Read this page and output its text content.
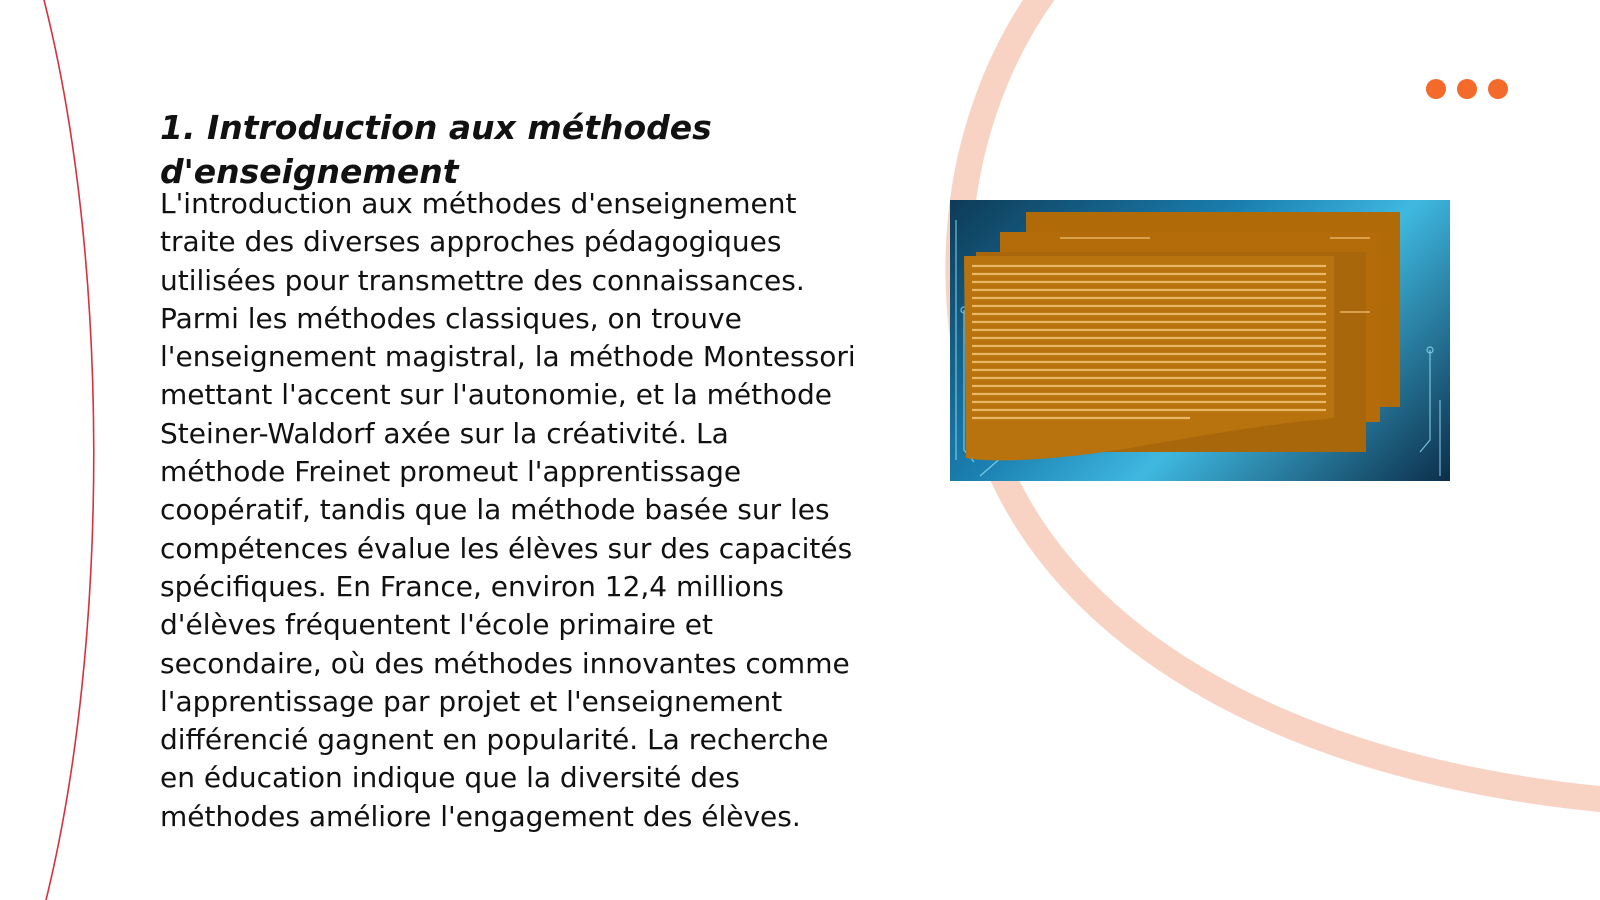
1. Introduction aux méthodes d'enseignement

L'introduction aux méthodes d'enseignement traite des diverses approches pédagogiques utilisées pour transmettre des connaissances. Parmi les méthodes classiques, on trouve l'enseignement magistral, la méthode Montessori mettant l'accent sur l'autonomie, et la méthode Steiner-Waldorf axée sur la créativité. La méthode Freinet promeut l'apprentissage coopératif, tandis que la méthode basée sur les compétences évalue les élèves sur des capacités spécifiques. En France, environ 12,4 millions d'élèves fréquentent l'école primaire et secondaire, où des méthodes innovantes comme l'apprentissage par projet et l'enseignement différencié gagnent en popularité. La recherche en éducation indique que la diversité des méthodes améliore l'engagement des élèves.
